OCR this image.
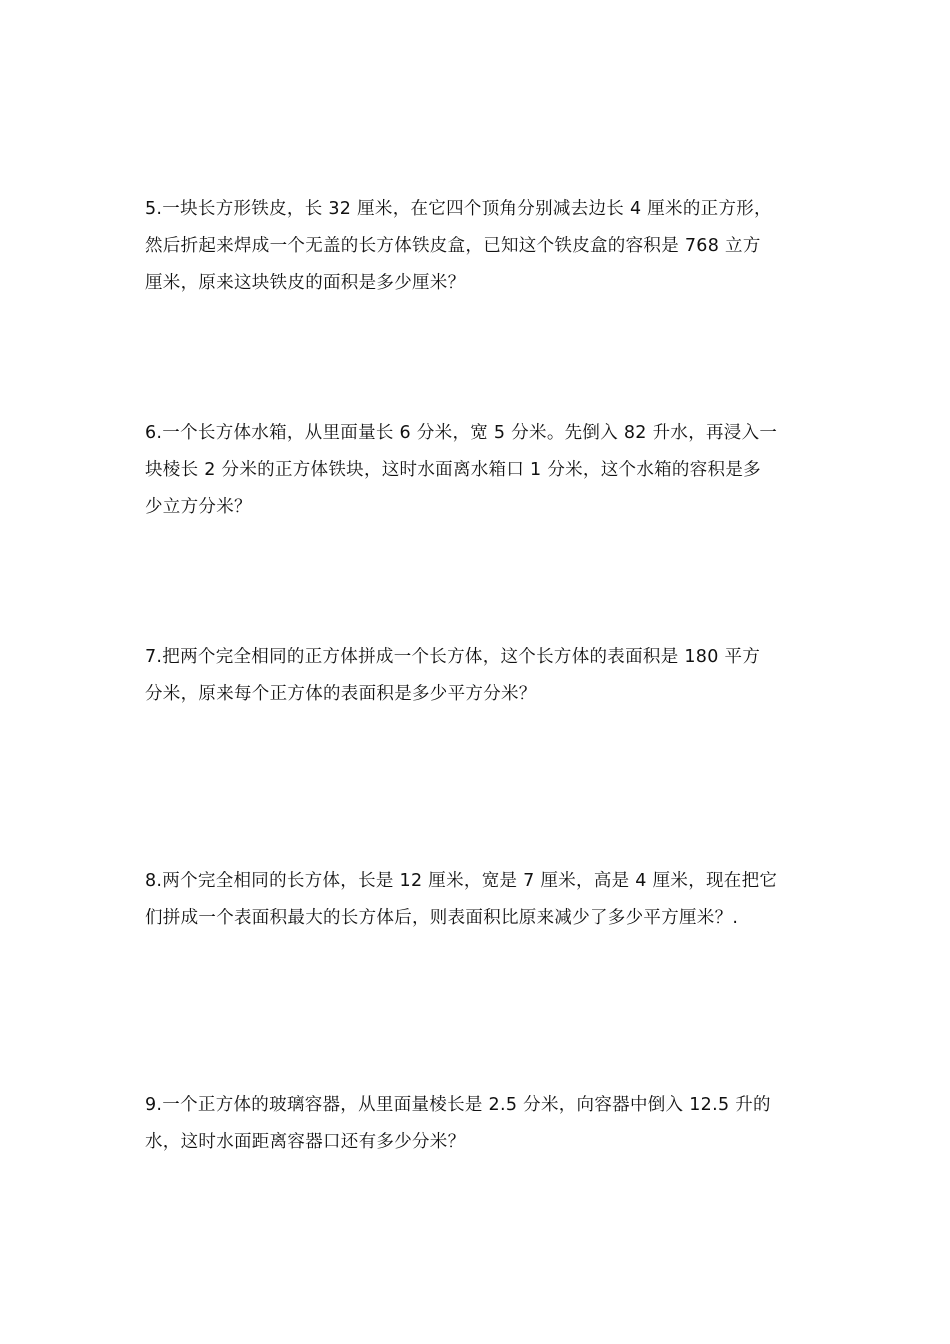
5.一块长方形铁皮，长 32 厘米，在它四个顶角分别减去边长 4 厘米的正方形，
然后折起来焊成一个无盖的长方体铁皮盒，已知这个铁皮盒的容积是 768 立方
厘米，原来这块铁皮的面积是多少厘米？
6.一个长方体水箱，从里面量长 6 分米，宽 5 分米。先倒入 82 升水，再浸入一
块棱长 2 分米的正方体铁块，这时水面离水箱口 1 分米，这个水箱的容积是多
少立方分米？
7.把两个完全相同的正方体拼成一个长方体，这个长方体的表面积是 180 平方
分米，原来每个正方体的表面积是多少平方分米？
8.两个完全相同的长方体，长是 12 厘米，宽是 7 厘米，高是 4 厘米，现在把它
们拼成一个表面积最大的长方体后，则表面积比原来减少了多少平方厘米？.
9.一个正方体的玻璃容器，从里面量棱长是 2.5 分米，向容器中倒入 12.5 升的
水，这时水面距离容器口还有多少分米？
